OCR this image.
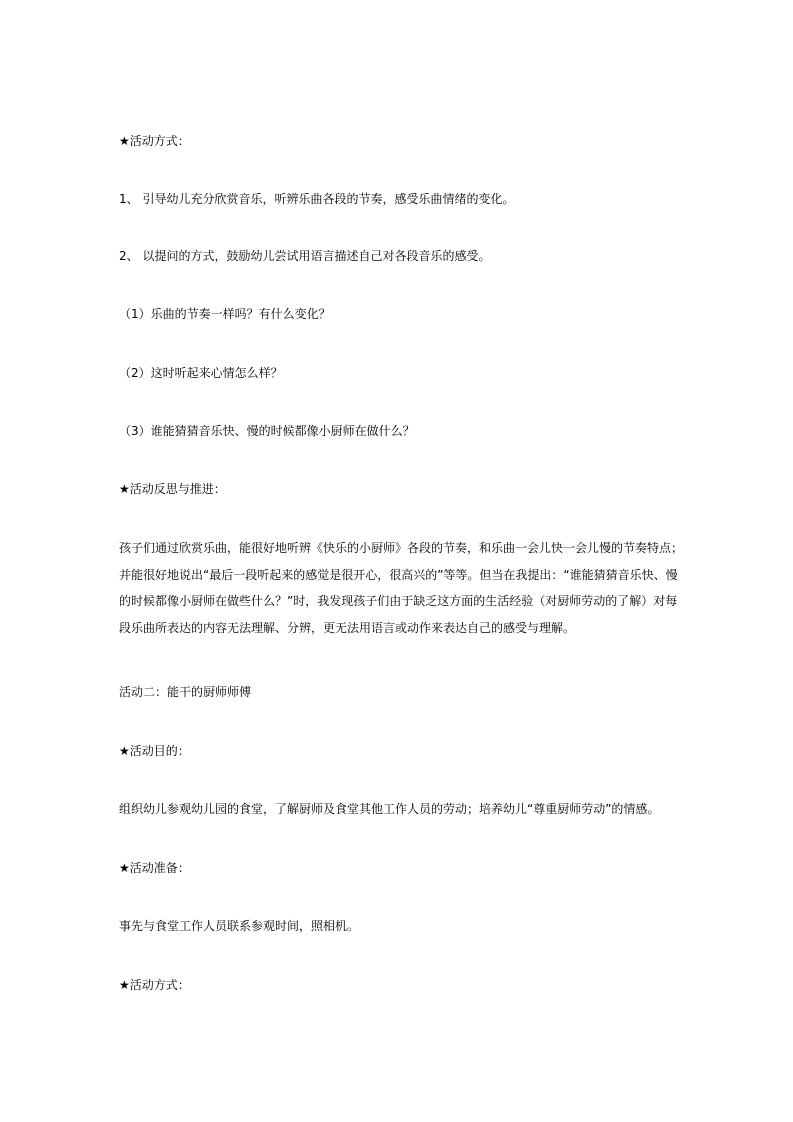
★活动方式：
1、 引导幼儿充分欣赏音乐，听辨乐曲各段的节奏，感受乐曲情绪的变化。
2、 以提问的方式，鼓励幼儿尝试用语言描述自己对各段音乐的感受。
（1）乐曲的节奏一样吗？有什么变化？
（2）这时听起来心情怎么样？
（3）谁能猜猜音乐快、慢的时候都像小厨师在做什么？
★活动反思与推进：
孩子们通过欣赏乐曲，能很好地听辨《快乐的小厨师》各段的节奏，和乐曲一会儿快一会儿慢的节奏特点；
并能很好地说出“最后一段听起来的感觉是很开心，很高兴的”等等。但当在我提出：“谁能猜猜音乐快、慢
的时候都像小厨师在做些什么？”时，我发现孩子们由于缺乏这方面的生活经验（对厨师劳动的了解）对每
段乐曲所表达的内容无法理解、分辨，更无法用语言或动作来表达自己的感受与理解。
活动二：能干的厨师师傅
★活动目的：
组织幼儿参观幼儿园的食堂，了解厨师及食堂其他工作人员的劳动；培养幼儿“尊重厨师劳动”的情感。
★活动准备：
事先与食堂工作人员联系参观时间，照相机。
★活动方式：
